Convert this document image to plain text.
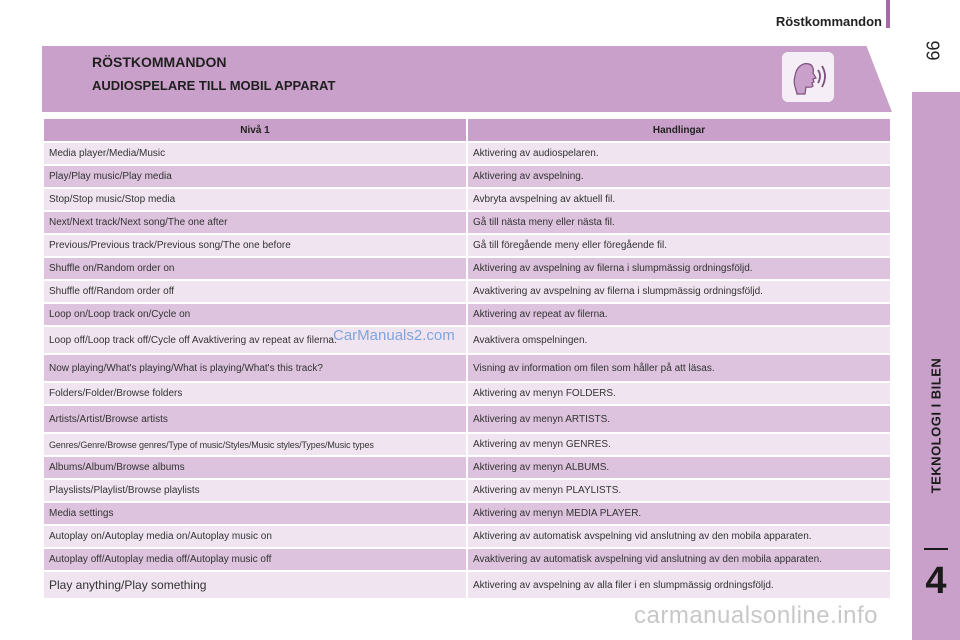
Röstkommandon
99
TEKNOLOGI I BILEN
4
RÖSTKOMMANDON
AUDIOSPELARE TILL MOBIL APPARAT
Nivå 1	Handlingar
Media player/Media/Music	Aktivering av audiospelaren.
Play/Play music/Play media	Aktivering av avspelning.
Stop/Stop music/Stop media	Avbryta avspelning av aktuell fil.
Next/Next track/Next song/The one after	Gå till nästa meny eller nästa fil.
Previous/Previous track/Previous song/The one before	Gå till föregående meny eller föregående fil.
Shuffle on/Random order on	Aktivering av avspelning av filerna i slumpmässig ordningsföljd.
Shuffle off/Random order off	Avaktivering av avspelning av filerna i slumpmässig ordningsföljd.
Loop on/Loop track on/Cycle on	Aktivering av repeat av filerna.
Loop off/Loop track off/Cycle off Avaktivering av repeat av filerna.	Avaktivera omspelningen.
Now playing/What's playing/What is playing/What's this track?	Visning av information om filen som håller på att läsas.
Folders/Folder/Browse folders	Aktivering av menyn FOLDERS.
Artists/Artist/Browse artists	Aktivering av menyn ARTISTS.
Genres/Genre/Browse genres/Type of music/Styles/Music styles/Types/Music types	Aktivering av menyn GENRES.
Albums/Album/Browse albums	Aktivering av menyn ALBUMS.
Playslists/Playlist/Browse playlists	Aktivering av menyn PLAYLISTS.
Media settings	Aktivering av menyn MEDIA PLAYER.
Autoplay on/Autoplay media on/Autoplay music on	Aktivering av automatisk avspelning vid anslutning av den mobila apparaten.
Autoplay off/Autoplay media off/Autoplay music off	Avaktivering av automatisk avspelning vid anslutning av den mobila apparaten.
Play anything/Play something	Aktivering av avspelning av alla filer i en slumpmässig ordningsföljd.
CarManuals2.com
carmanualsonline.info
